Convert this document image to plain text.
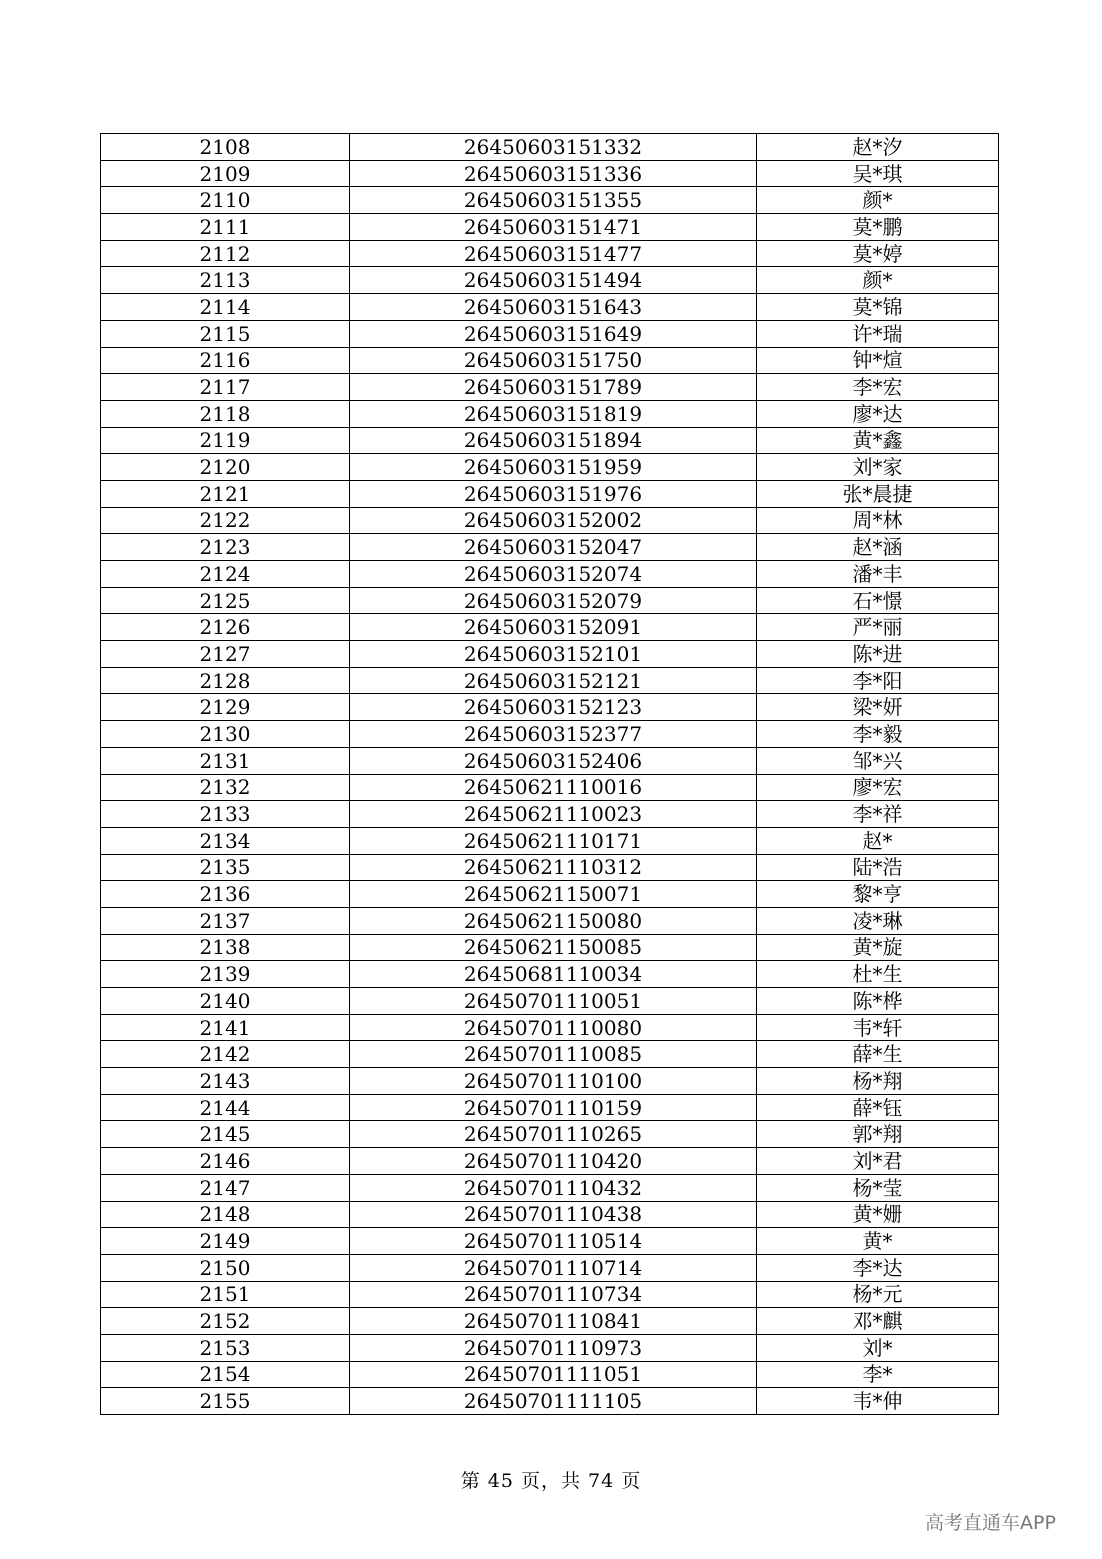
2108	26450603151332	赵*汐
2109	26450603151336	吴*琪
2110	26450603151355	颜*
2111	26450603151471	莫*鹏
2112	26450603151477	莫*婷
2113	26450603151494	颜*
2114	26450603151643	莫*锦
2115	26450603151649	许*瑞
2116	26450603151750	钟*煊
2117	26450603151789	李*宏
2118	26450603151819	廖*达
2119	26450603151894	黄*鑫
2120	26450603151959	刘*家
2121	26450603151976	张*晨捷
2122	26450603152002	周*林
2123	26450603152047	赵*涵
2124	26450603152074	潘*丰
2125	26450603152079	石*憬
2126	26450603152091	严*丽
2127	26450603152101	陈*进
2128	26450603152121	李*阳
2129	26450603152123	梁*妍
2130	26450603152377	李*毅
2131	26450603152406	邹*兴
2132	26450621110016	廖*宏
2133	26450621110023	李*祥
2134	26450621110171	赵*
2135	26450621110312	陆*浩
2136	26450621150071	黎*亨
2137	26450621150080	凌*琳
2138	26450621150085	黄*旋
2139	26450681110034	杜*生
2140	26450701110051	陈*桦
2141	26450701110080	韦*轩
2142	26450701110085	薛*生
2143	26450701110100	杨*翔
2144	26450701110159	薛*钰
2145	26450701110265	郭*翔
2146	26450701110420	刘*君
2147	26450701110432	杨*莹
2148	26450701110438	黄*姗
2149	26450701110514	黄*
2150	26450701110714	李*达
2151	26450701110734	杨*元
2152	26450701110841	邓*麒
2153	26450701110973	刘*
2154	26450701111051	李*
2155	26450701111105	韦*伸
第 45 页，共 74 页
高考直通车APP
